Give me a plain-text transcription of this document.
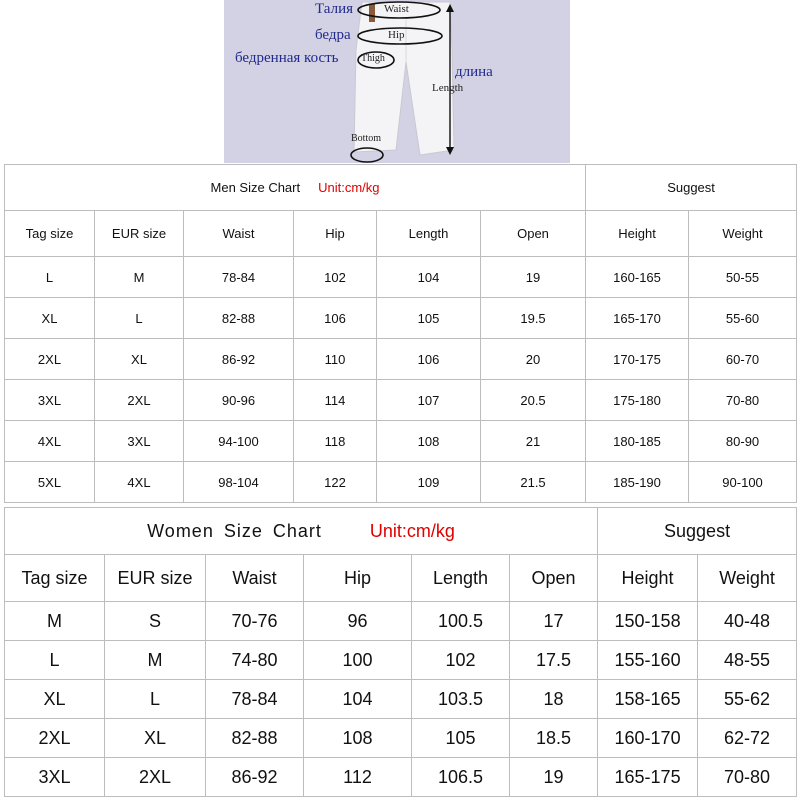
Талия
бедра
бедренная кость
длина
Waist
Hip
Thigh
Length
Bottom
Men Size Chart Unit:cm/kg						Suggest	
Tag size	EUR size	Waist	Hip	Length	Open	Height	Weight
L	M	78-84	102	104	19	160-165	50-55
XL	L	82-88	106	105	19.5	165-170	55-60
2XL	XL	86-92	110	106	20	170-175	60-70
3XL	2XL	90-96	114	107	20.5	175-180	70-80
4XL	3XL	94-100	118	108	21	180-185	80-90
5XL	4XL	98-104	122	109	21.5	185-190	90-100
Women Size Chart Unit:cm/kg						Suggest	
Tag size	EUR size	Waist	Hip	Length	Open	Height	Weight
M	S	70-76	96	100.5	17	150-158	40-48
L	M	74-80	100	102	17.5	155-160	48-55
XL	L	78-84	104	103.5	18	158-165	55-62
2XL	XL	82-88	108	105	18.5	160-170	62-72
3XL	2XL	86-92	112	106.5	19	165-175	70-80
